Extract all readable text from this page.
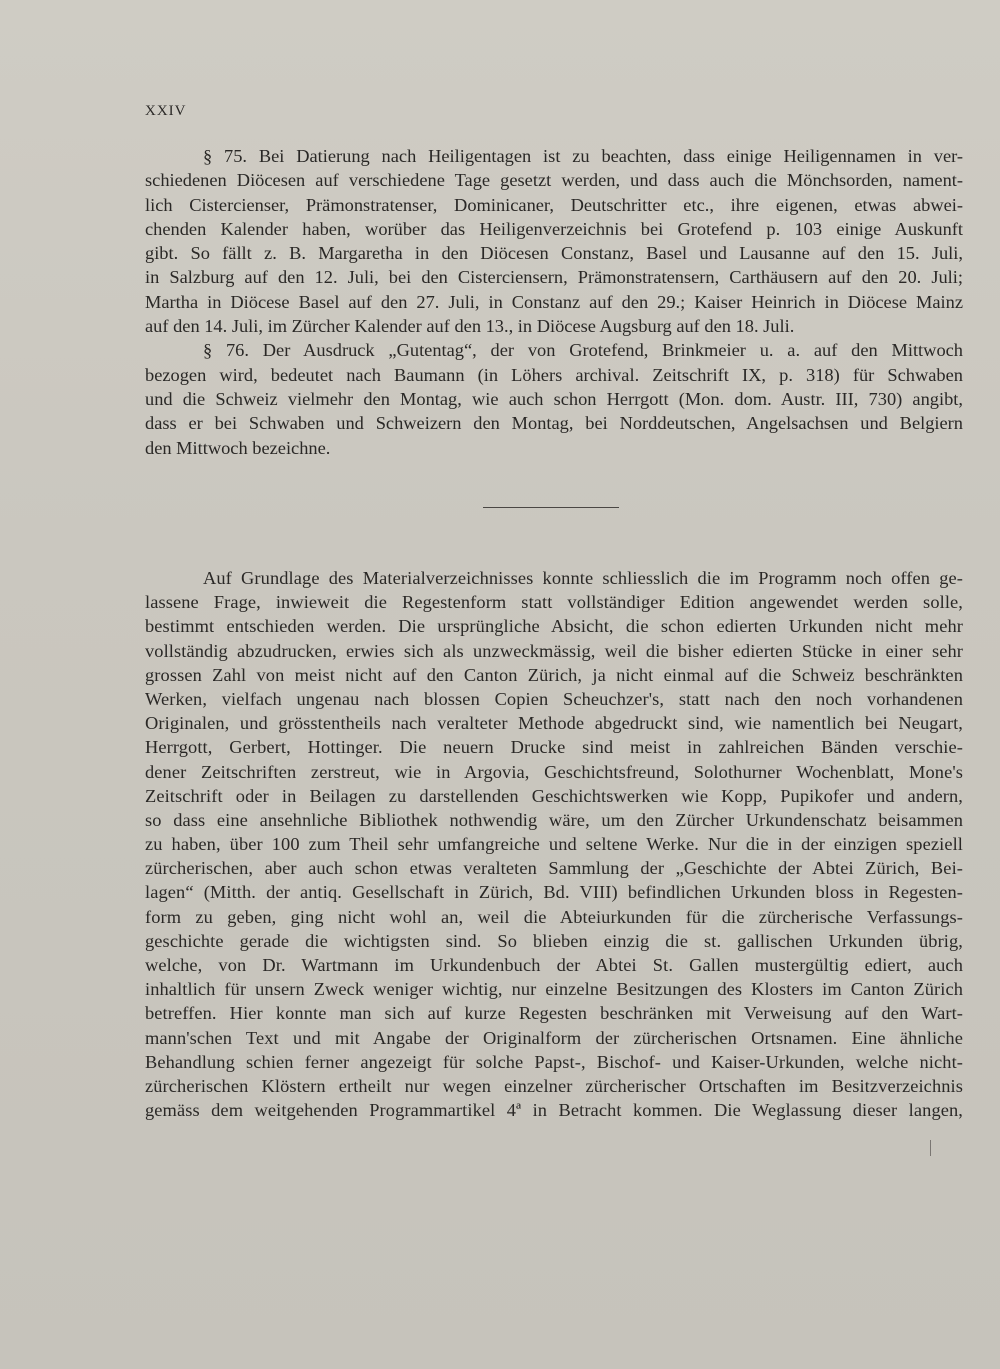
XXIV
§ 75. Bei Datierung nach Heiligentagen ist zu beachten, dass einige Heiligennamen in ver-
schiedenen Diöcesen auf verschiedene Tage gesetzt werden, und dass auch die Mönchsorden, nament-
lich Cistercienser, Prämonstratenser, Dominicaner, Deutschritter etc., ihre eigenen, etwas abwei-
chenden Kalender haben, worüber das Heiligenverzeichnis bei Grotefend p. 103 einige Auskunft
gibt. So fällt z. B. Margaretha in den Diöcesen Constanz, Basel und Lausanne auf den 15. Juli,
in Salzburg auf den 12. Juli, bei den Cisterciensern, Prämonstratensern, Carthäusern auf den 20. Juli;
Martha in Diöcese Basel auf den 27. Juli, in Constanz auf den 29.; Kaiser Heinrich in Diöcese Mainz
auf den 14. Juli, im Zürcher Kalender auf den 13., in Diöcese Augsburg auf den 18. Juli.
§ 76. Der Ausdruck „Gutentag“, der von Grotefend, Brinkmeier u. a. auf den Mittwoch
bezogen wird, bedeutet nach Baumann (in Löhers archival. Zeitschrift IX, p. 318) für Schwaben
und die Schweiz vielmehr den Montag, wie auch schon Herrgott (Mon. dom. Austr. III, 730) angibt,
dass er bei Schwaben und Schweizern den Montag, bei Norddeutschen, Angelsachsen und Belgiern
den Mittwoch bezeichne.
Auf Grundlage des Materialverzeichnisses konnte schliesslich die im Programm noch offen ge-
lassene Frage, inwieweit die Regestenform statt vollständiger Edition angewendet werden solle,
bestimmt entschieden werden. Die ursprüngliche Absicht, die schon edierten Urkunden nicht mehr
vollständig abzudrucken, erwies sich als unzweckmässig, weil die bisher edierten Stücke in einer sehr
grossen Zahl von meist nicht auf den Canton Zürich, ja nicht einmal auf die Schweiz beschränkten
Werken, vielfach ungenau nach blossen Copien Scheuchzer's, statt nach den noch vorhandenen
Originalen, und grösstentheils nach veralteter Methode abgedruckt sind, wie namentlich bei Neugart,
Herrgott, Gerbert, Hottinger. Die neuern Drucke sind meist in zahlreichen Bänden verschie-
dener Zeitschriften zerstreut, wie in Argovia, Geschichtsfreund, Solothurner Wochenblatt, Mone's
Zeitschrift oder in Beilagen zu darstellenden Geschichtswerken wie Kopp, Pupikofer und andern,
so dass eine ansehnliche Bibliothek nothwendig wäre, um den Zürcher Urkundenschatz beisammen
zu haben, über 100 zum Theil sehr umfangreiche und seltene Werke. Nur die in der einzigen speziell
zürcherischen, aber auch schon etwas veralteten Sammlung der „Geschichte der Abtei Zürich, Bei-
lagen“ (Mitth. der antiq. Gesellschaft in Zürich, Bd. VIII) befindlichen Urkunden bloss in Regesten-
form zu geben, ging nicht wohl an, weil die Abteiurkunden für die zürcherische Verfassungs-
geschichte gerade die wichtigsten sind. So blieben einzig die st. gallischen Urkunden übrig,
welche, von Dr. Wartmann im Urkundenbuch der Abtei St. Gallen mustergültig ediert, auch
inhaltlich für unsern Zweck weniger wichtig, nur einzelne Besitzungen des Klosters im Canton Zürich
betreffen. Hier konnte man sich auf kurze Regesten beschränken mit Verweisung auf den Wart-
mann'schen Text und mit Angabe der Originalform der zürcherischen Ortsnamen. Eine ähnliche
Behandlung schien ferner angezeigt für solche Papst-, Bischof- und Kaiser-Urkunden, welche nicht-
zürcherischen Klöstern ertheilt nur wegen einzelner zürcherischer Ortschaften im Besitzverzeichnis
gemäss dem weitgehenden Programmartikel 4ª in Betracht kommen. Die Weglassung dieser langen,
